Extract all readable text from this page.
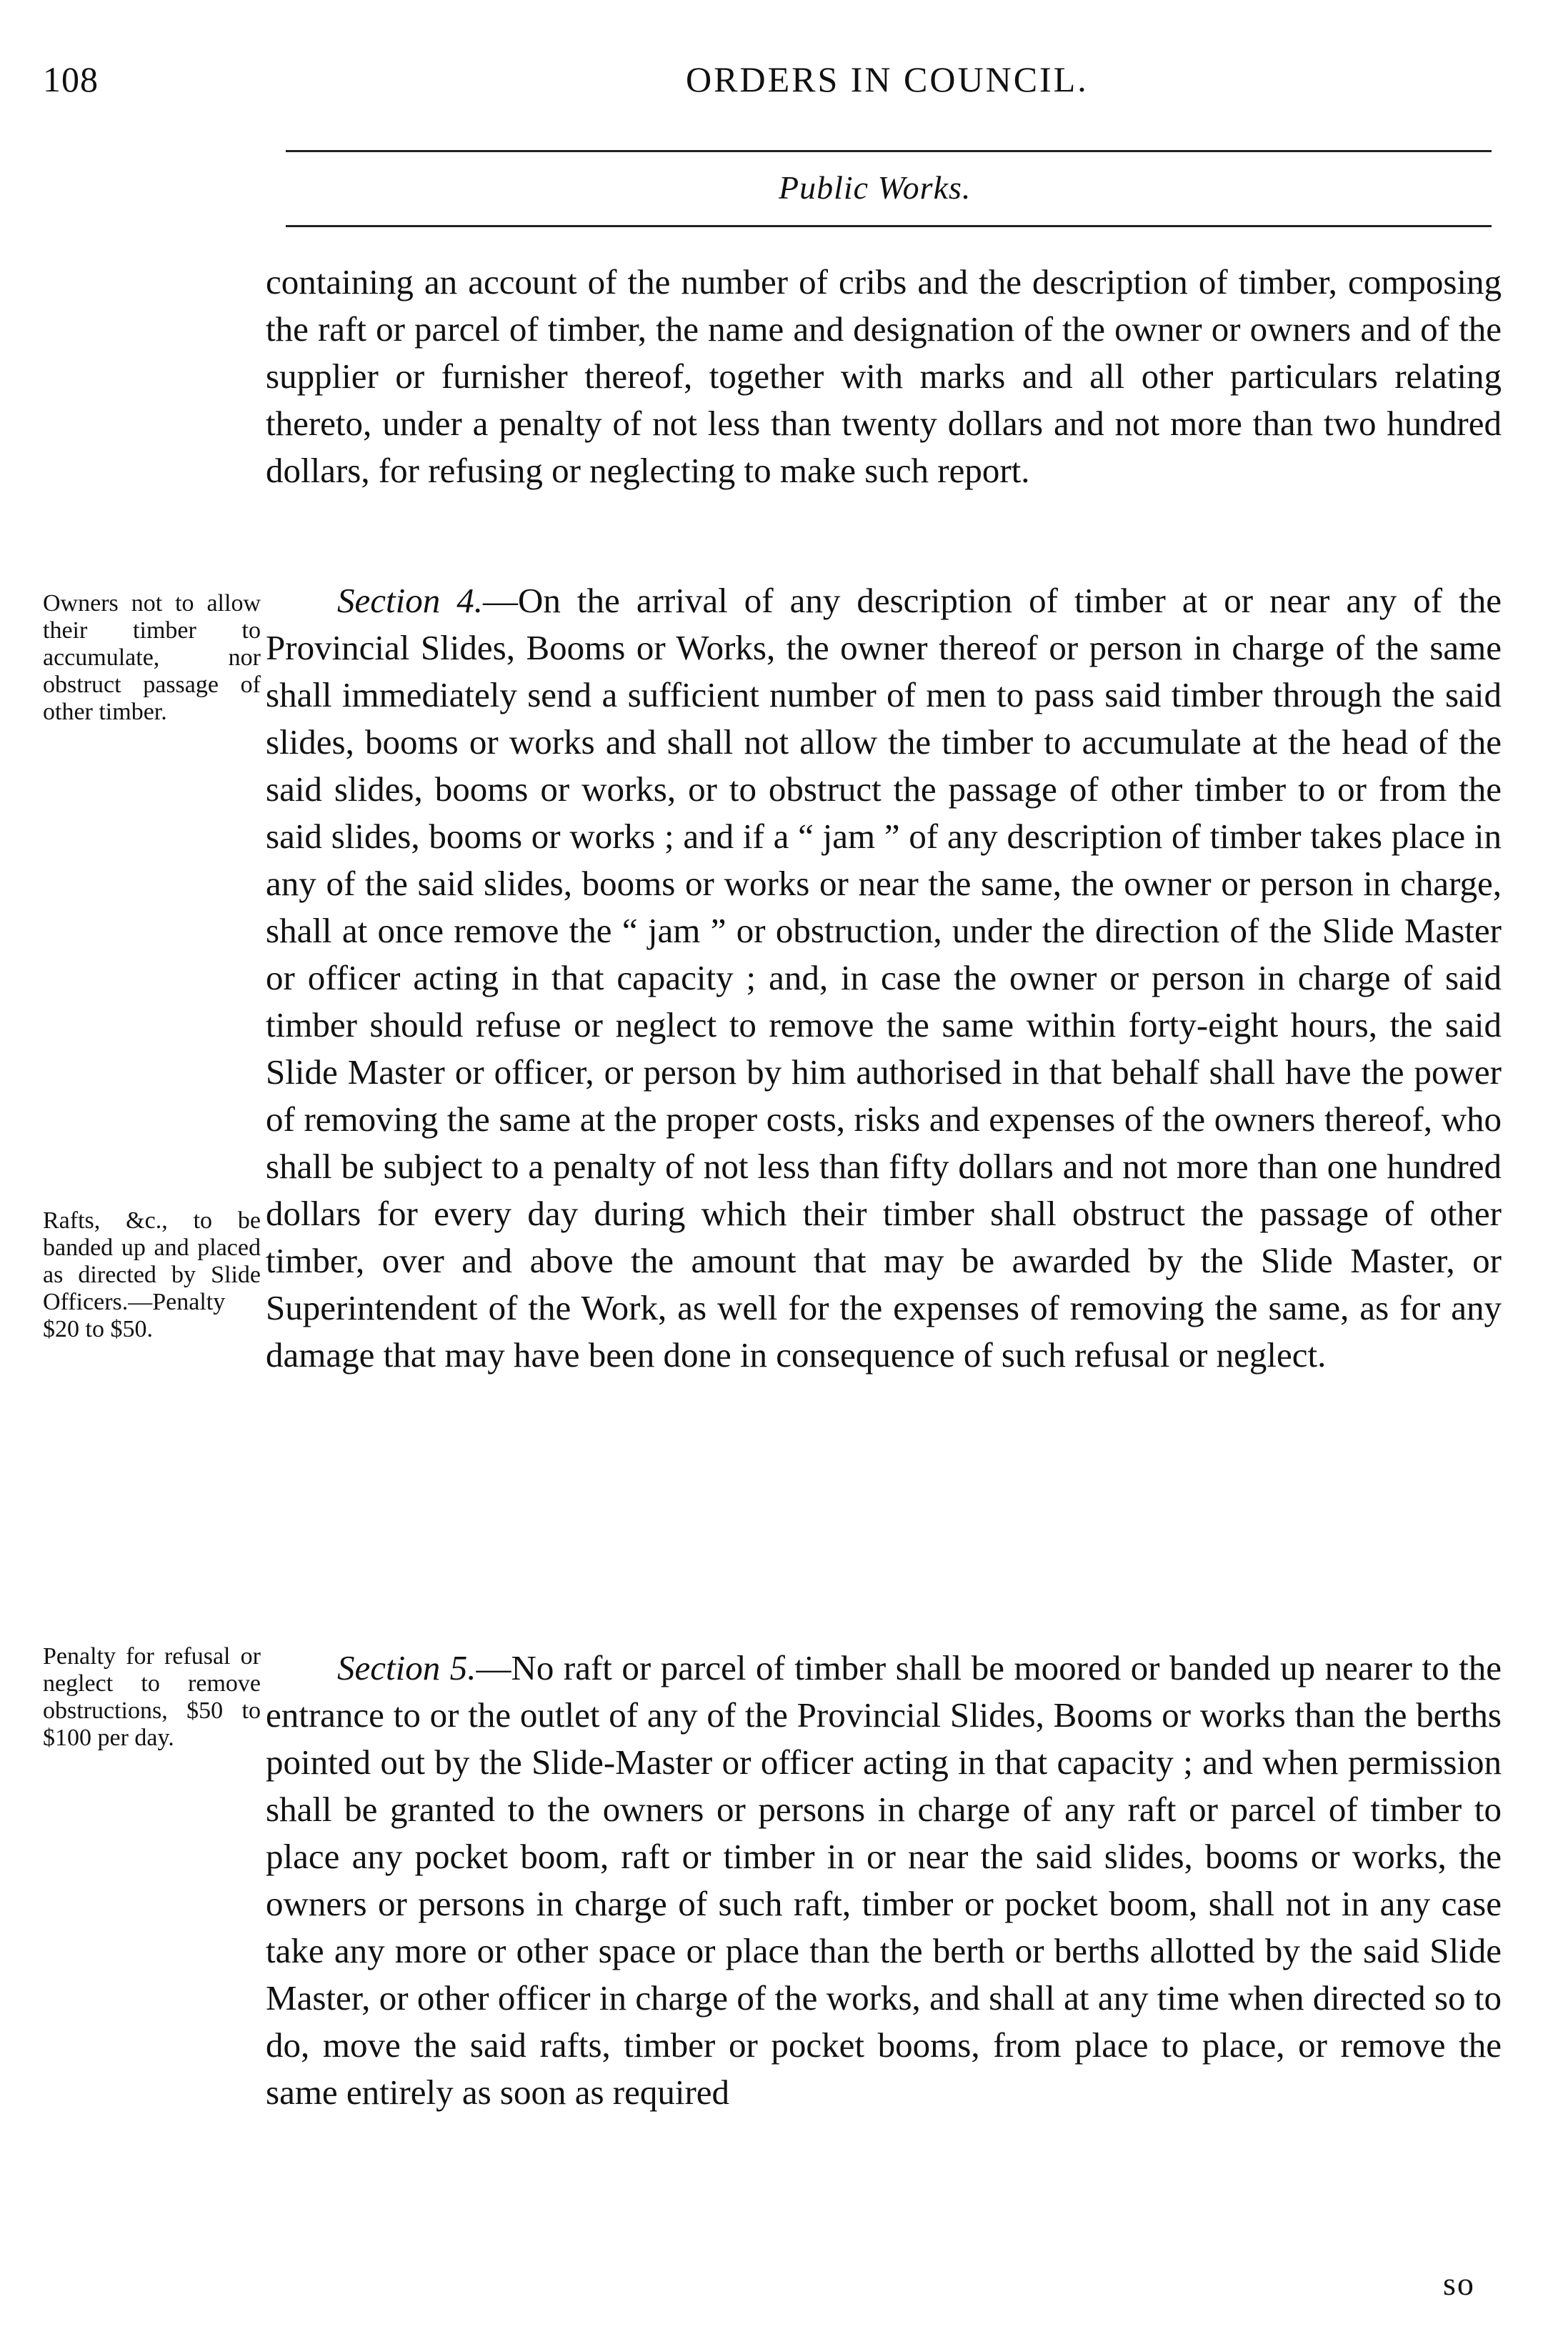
108	ORDERS IN COUNCIL.
Public Works.

containing an account of the number of cribs and the description of timber, composing the raft or parcel of timber, the name and designation of the owner or owners and of the supplier or furnisher thereof, together with marks and all other particulars relating thereto, under a penalty of not less than twenty dollars and not more than two hundred dollars, for refusing or neglecting to make such report.

Owners not to allow their timber to accumulate, nor obstruct passage of other timber.

Section 4.—On the arrival of any description of timber at or near any of the Provincial Slides, Booms or Works, the owner thereof or person in charge of the same shall immediately send a sufficient number of men to pass said timber through the said slides, booms or works and shall not allow the timber to accumulate at the head of the said slides, booms or works, or to obstruct the passage of other timber to or from the said slides, booms or works ; and if a “ jam ” of any description of timber takes place in any of the said slides, booms or works or near the same, the owner or person in charge, shall at once remove the “ jam ” or obstruction, under the direction of the Slide Master or officer acting in that capacity ; and, in case the owner or person in charge of said timber should refuse or neglect to remove the same within forty-eight hours, the said Slide Master or officer, or person by him authorised in that behalf shall have the power of removing the same at the proper costs, risks and expenses of the owners thereof, who shall be subject to a penalty of not less than fifty dollars and not more than one hundred dollars for every day during which their timber shall obstruct the passage of other timber, over and above the amount that may be awarded by the Slide Master, or Superintendent of the Work, as well for the expenses of removing the same, as for any damage that may have been done in consequence of such refusal or neglect.

Rafts, &c., to be banded up and placed as directed by Slide Officers.—Penalty $20 to $50.

Penalty for refusal or neglect to remove obstructions, $50 to $100 per day.

Section 5.—No raft or parcel of timber shall be moored or banded up nearer to the entrance to or the outlet of any of the Provincial Slides, Booms or works than the berths pointed out by the Slide-Master or officer acting in that capacity ; and when permission shall be granted to the owners or persons in charge of any raft or parcel of timber to place any pocket boom, raft or timber in or near the said slides, booms or works, the owners or persons in charge of such raft, timber or pocket boom, shall not in any case take any more or other space or place than the berth or berths allotted by the said Slide Master, or other officer in charge of the works, and shall at any time when directed so to do, move the said rafts, timber or pocket booms, from place to place, or remove the same entirely as soon as required

so
